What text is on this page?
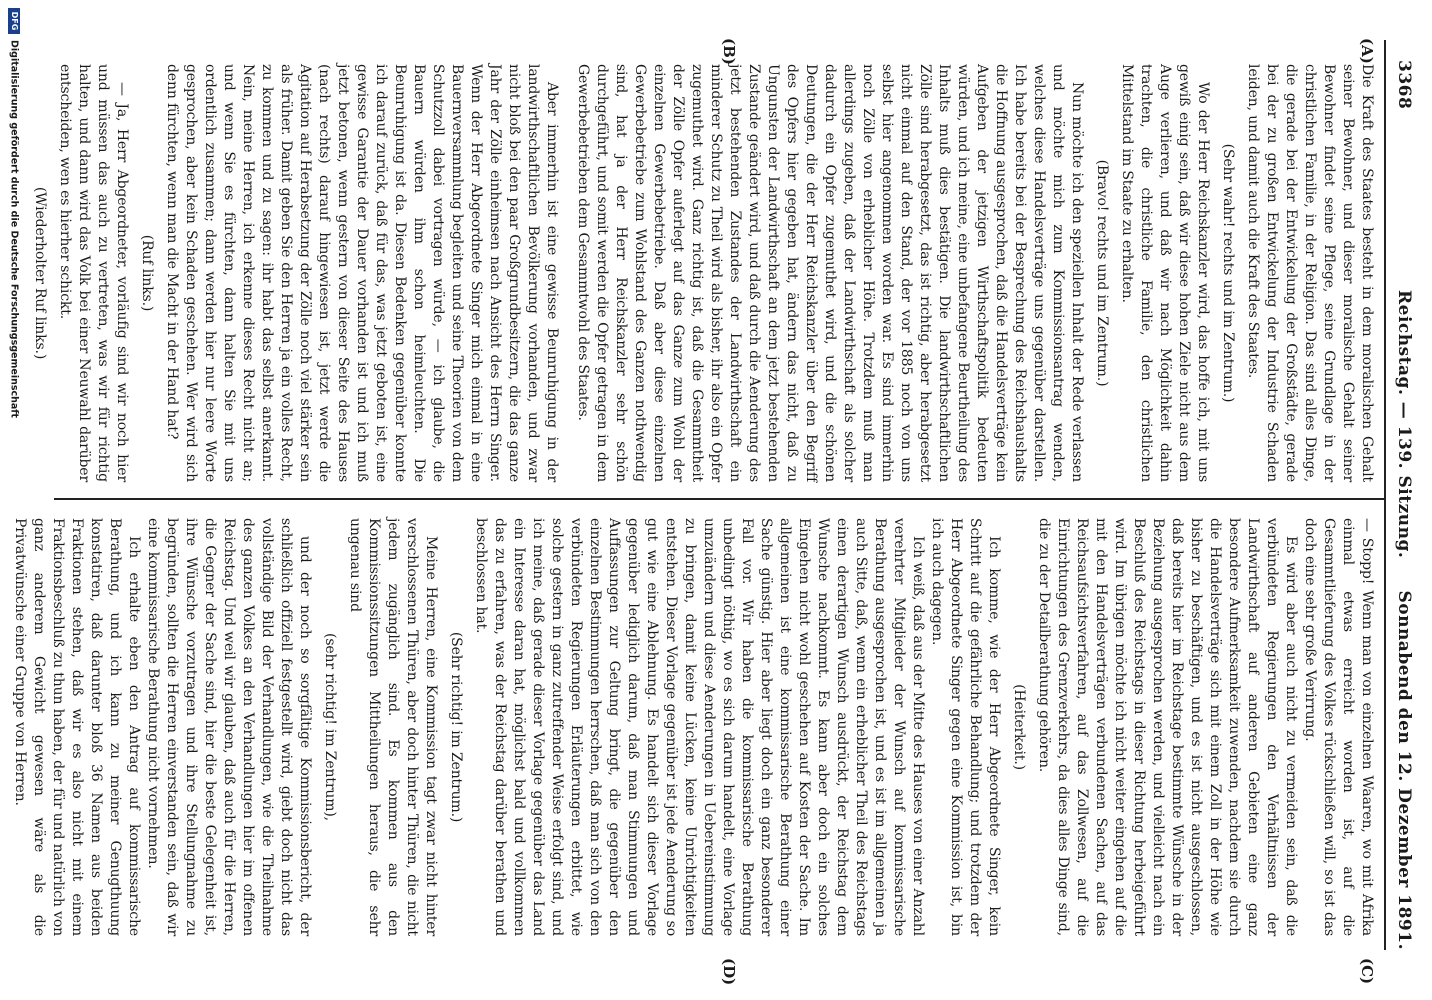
3368
Reichstag. — 139. Sitzung.
Sonnabend den 12. Dezember 1891.
(A)
(B)
(C)
(D)

Die Kraft des Staates besteht in dem moralischen Gehalt seiner Bewohner, und dieser moralische Gehalt seiner Bewohner findet seine Pflege, seine Grundlage in der christlichen Familie, in der Religion. Das sind alles Dinge, die gerade bei der Entwickelung der Großstädte, gerade bei der zu großen Entwickelung der Industrie Schaden leiden, und damit auch die Kraft des Staates.

(Sehr wahr! rechts und im Zentrum.)

Wo der Herr Reichskanzler wird, das hoffe ich, mit uns gewiß einig sein, daß wir diese hohen Ziele nicht aus dem Auge verlieren, und daß wir nach Möglichkeit dahin trachten, die christliche Familie, den christlichen Mittelstand im Staate zu erhalten.

(Bravo! rechts und im Zentrum.)

Nun möchte ich den speziellen Inhalt der Rede verlassen und möchte mich zum Kommissionsantrag wenden, welches diese Handelsverträge uns gegenüber darstellen. Ich habe bereits bei der Besprechung des Reichshaushalts die Hoffnung ausgesprochen, daß die Handelsverträge kein Aufgeben der jetzigen Wirthschaftspolitik bedeuten würden, und ich meine, eine unbefangene Beurtheilung des Inhalts muß dies bestätigen. Die landwirthschaftlichen Zölle sind herabgesetzt, das ist richtig, aber herabgesetzt nicht einmal auf den Stand, der vor 1885 noch von uns selbst hier angenommen worden war. Es sind immerhin noch Zölle von erheblicher Höhe. Trotzdem muß man allerdings zugeben, daß der Landwirthschaft als solcher dadurch ein Opfer zugemuthet wird, und die schönen Deutungen, die der Herr Reichskanzler über den Begriff des Opfers hier gegeben hat, ändern das nicht, daß zu Ungunsten der Landwirthschaft an dem jetzt bestehenden Zustande geändert wird, und daß durch die Aenderung des jetzt bestehenden Zustandes der Landwirthschaft ein minderer Schutz zu Theil wird als bisher, ihr also ein Opfer zugemuthet wird. Ganz richtig ist, daß die Gesammtheit der Zölle Opfer auferlegt auf das Ganze zum Wohl der einzelnen Gewerbebetriebe. Daß aber diese einzelnen Gewerbebetriebe zum Wohlstand des Ganzen nothwendig sind, hat ja der Herr Reichskanzler sehr schön durchgeführt, und somit werden die Opfer getragen in dem Gewerbebetrieben dem Gesammtwohl des Staates.

Aber immerhin ist eine gewisse Beunruhigung in der landwirthschaftlichen Bevölkerung vorhanden, und zwar nicht bloß bei den paar Großgrundbesitzern, die das ganze Jahr der Zölle einheimsen nach Ansicht des Herrn Singer. Wenn der Herr Abgeordnete Singer mich einmal in eine Bauernversammlung begleiten und seine Theorien von dem Schutzzoll dabei vortragen würde, — ich glaube, die Bauern würden ihm schon heimleuchten. Die Beunruhigung ist da. Diesen Bedenken gegenüber konnte ich darauf zurück, daß für das, was jetzt geboten ist, eine gewisse Garantie der Dauer vorhanden ist und ich muß jetzt betonen, wenn gestern von dieser Seite des Hauses (nach rechts) darauf hingewiesen ist, jetzt werde die Agitation auf Herabsetzung der Zölle noch viel stärker sein als früher. Damit geben Sie den Herren ja ein volles Recht, zu kommen und zu sagen: ihr habt das selbst anerkannt. Nein, meine Herren, ich erkenne dieses Recht nicht an; und wenn Sie es fürchten, dann halten Sie mit uns ordentlich zusammen; dann werden hier nur leere Worte gesprochen, aber kein Schaden geschehen. Wer wird sich denn fürchten, wenn man die Macht in der Hand hat?

(Ruf links.)

— Ja, Herr Abgeordneter, vorläufig sind wir noch hier und müssen das auch zu vertreten, was wir für richtig halten, und dann wird das Volk bei einer Neuwahl darüber entscheiden, wen es hierher schickt.

(Wiederholter Ruf links.)

— Stopp! Wenn man von einzelnen Waaren, wo mit Afrika einmal etwas erreicht worden ist, auf die Gesammtlieferung des Volkes rückschließen will, so ist das doch eine sehr große Verirrung.

Es wird aber auch nicht zu vermeiden sein, daß die verbündeten Regierungen den Verhältnissen der Landwirthschaft auf anderen Gebieten eine ganz besondere Aufmerksamkeit zuwenden, nachdem sie durch die Handelsverträge sich mit einem Zoll in der Höhe wie bisher zu beschäftigen, und es ist nicht ausgeschlossen, daß bereits hier im Reichstage bestimmte Wünsche in der Beziehung ausgesprochen werden, und vielleicht nach ein Beschluß des Reichstags in dieser Richtung herbeigeführt wird. Im übrigen möchte ich nicht weiter eingehen auf die mit den Handelsverträgen verbundenen Sachen, auf das Reichsaufsichtsverfahren, auf das Zollwesen, auf die Einrichtungen des Grenzverkehrs, da dies alles Dinge sind, die zu der Detailberathung gehören.

(Heiterkeit.)

Ich komme, wie der Herr Abgeordnete Singer, kein Schritt auf die gefährliche Behandlung; und trotzdem der Herr Abgeordnete Singer gegen eine Kommission ist, bin ich auch dagegen.

Ich weiß, daß aus der Mitte des Hauses von einer Anzahl verehrter Mitglieder der Wunsch auf kommissarische Berathung ausgesprochen ist, und es ist im allgemeinen ja auch Sitte, daß, wenn ein erheblicher Theil des Reichstags einen derartigen Wunsch ausdrückt, der Reichstag dem Wunsche nachkommt. Es kann aber doch ein solches Eingehen nicht wohl geschehen auf Kosten der Sache. Im allgemeinen ist eine kommissarische Berathung einer Sache günstig. Hier aber liegt doch ein ganz besonderer Fall vor. Wir haben die kommissarische Berathung unbedingt nöthig, wo es sich darum handelt, eine Vorlage umzuändern und diese Aenderungen in Uebereinstimmung zu bringen, damit keine Lücken, keine Unrichtigkeiten entstehen. Dieser Vorlage gegenüber ist jede Aenderung so gut wie eine Ablehnung. Es handelt sich dieser Vorlage gegenüber lediglich darum, daß man Stimmungen und Auffassungen zur Geltung bringt, die gegenüber den einzelnen Bestimmungen herrschen, daß man sich von den verbündeten Regierungen Erläuterungen erbittet, wie solche gestern in ganz zutreffender Weise erfolgt sind, und ich meine, daß gerade dieser Vorlage gegenüber das Land ein Interesse daran hat, möglichst bald und vollkommen das zu erfahren, was der Reichstag darüber berathen und beschlossen hat.

(Sehr richtig! im Zentrum.)

Meine Herren, eine Kommission tagt zwar nicht hinter verschlossenen Thüren, aber doch hinter Thüren, die nicht jedem zugänglich sind. Es kommen aus den Kommissionssitzungen Mittheilungen heraus, die sehr ungenau sind

(sehr richtig! im Zentrum),

und der noch so sorgfältige Kommissionsbericht, der schließlich offiziell festgestellt wird, giebt doch nicht das vollständige Bild der Verhandlungen, wie die Theilnahme des ganzen Volkes an den Verhandlungen hier im offenen Reichstag. Und weil wir glauben, daß auch für die Herren, die Gegner der Sache sind, hier die beste Gelegenheit ist, ihre Wünsche vorzutragen und ihre Stellungnahme zu begründen, sollten die Herren einverstanden sein, daß wir eine kommissarische Berathung nicht vornehmen.

Ich erhalte eben den Antrag auf kommissarische Berathung, und ich kann zu meiner Genugthuung konstatiren, daß darunter bloß 36 Namen aus beiden Fraktionen stehen, daß wir es also nicht mit einem Fraktionsbeschluß zu thun haben, der für und natürlich von ganz anderem Gewicht gewesen wäre als die Privatwünsche einer Gruppe von Herren.

DFGDigitalisierung gefördert durch die Deutsche Forschungsgemeinschaft
